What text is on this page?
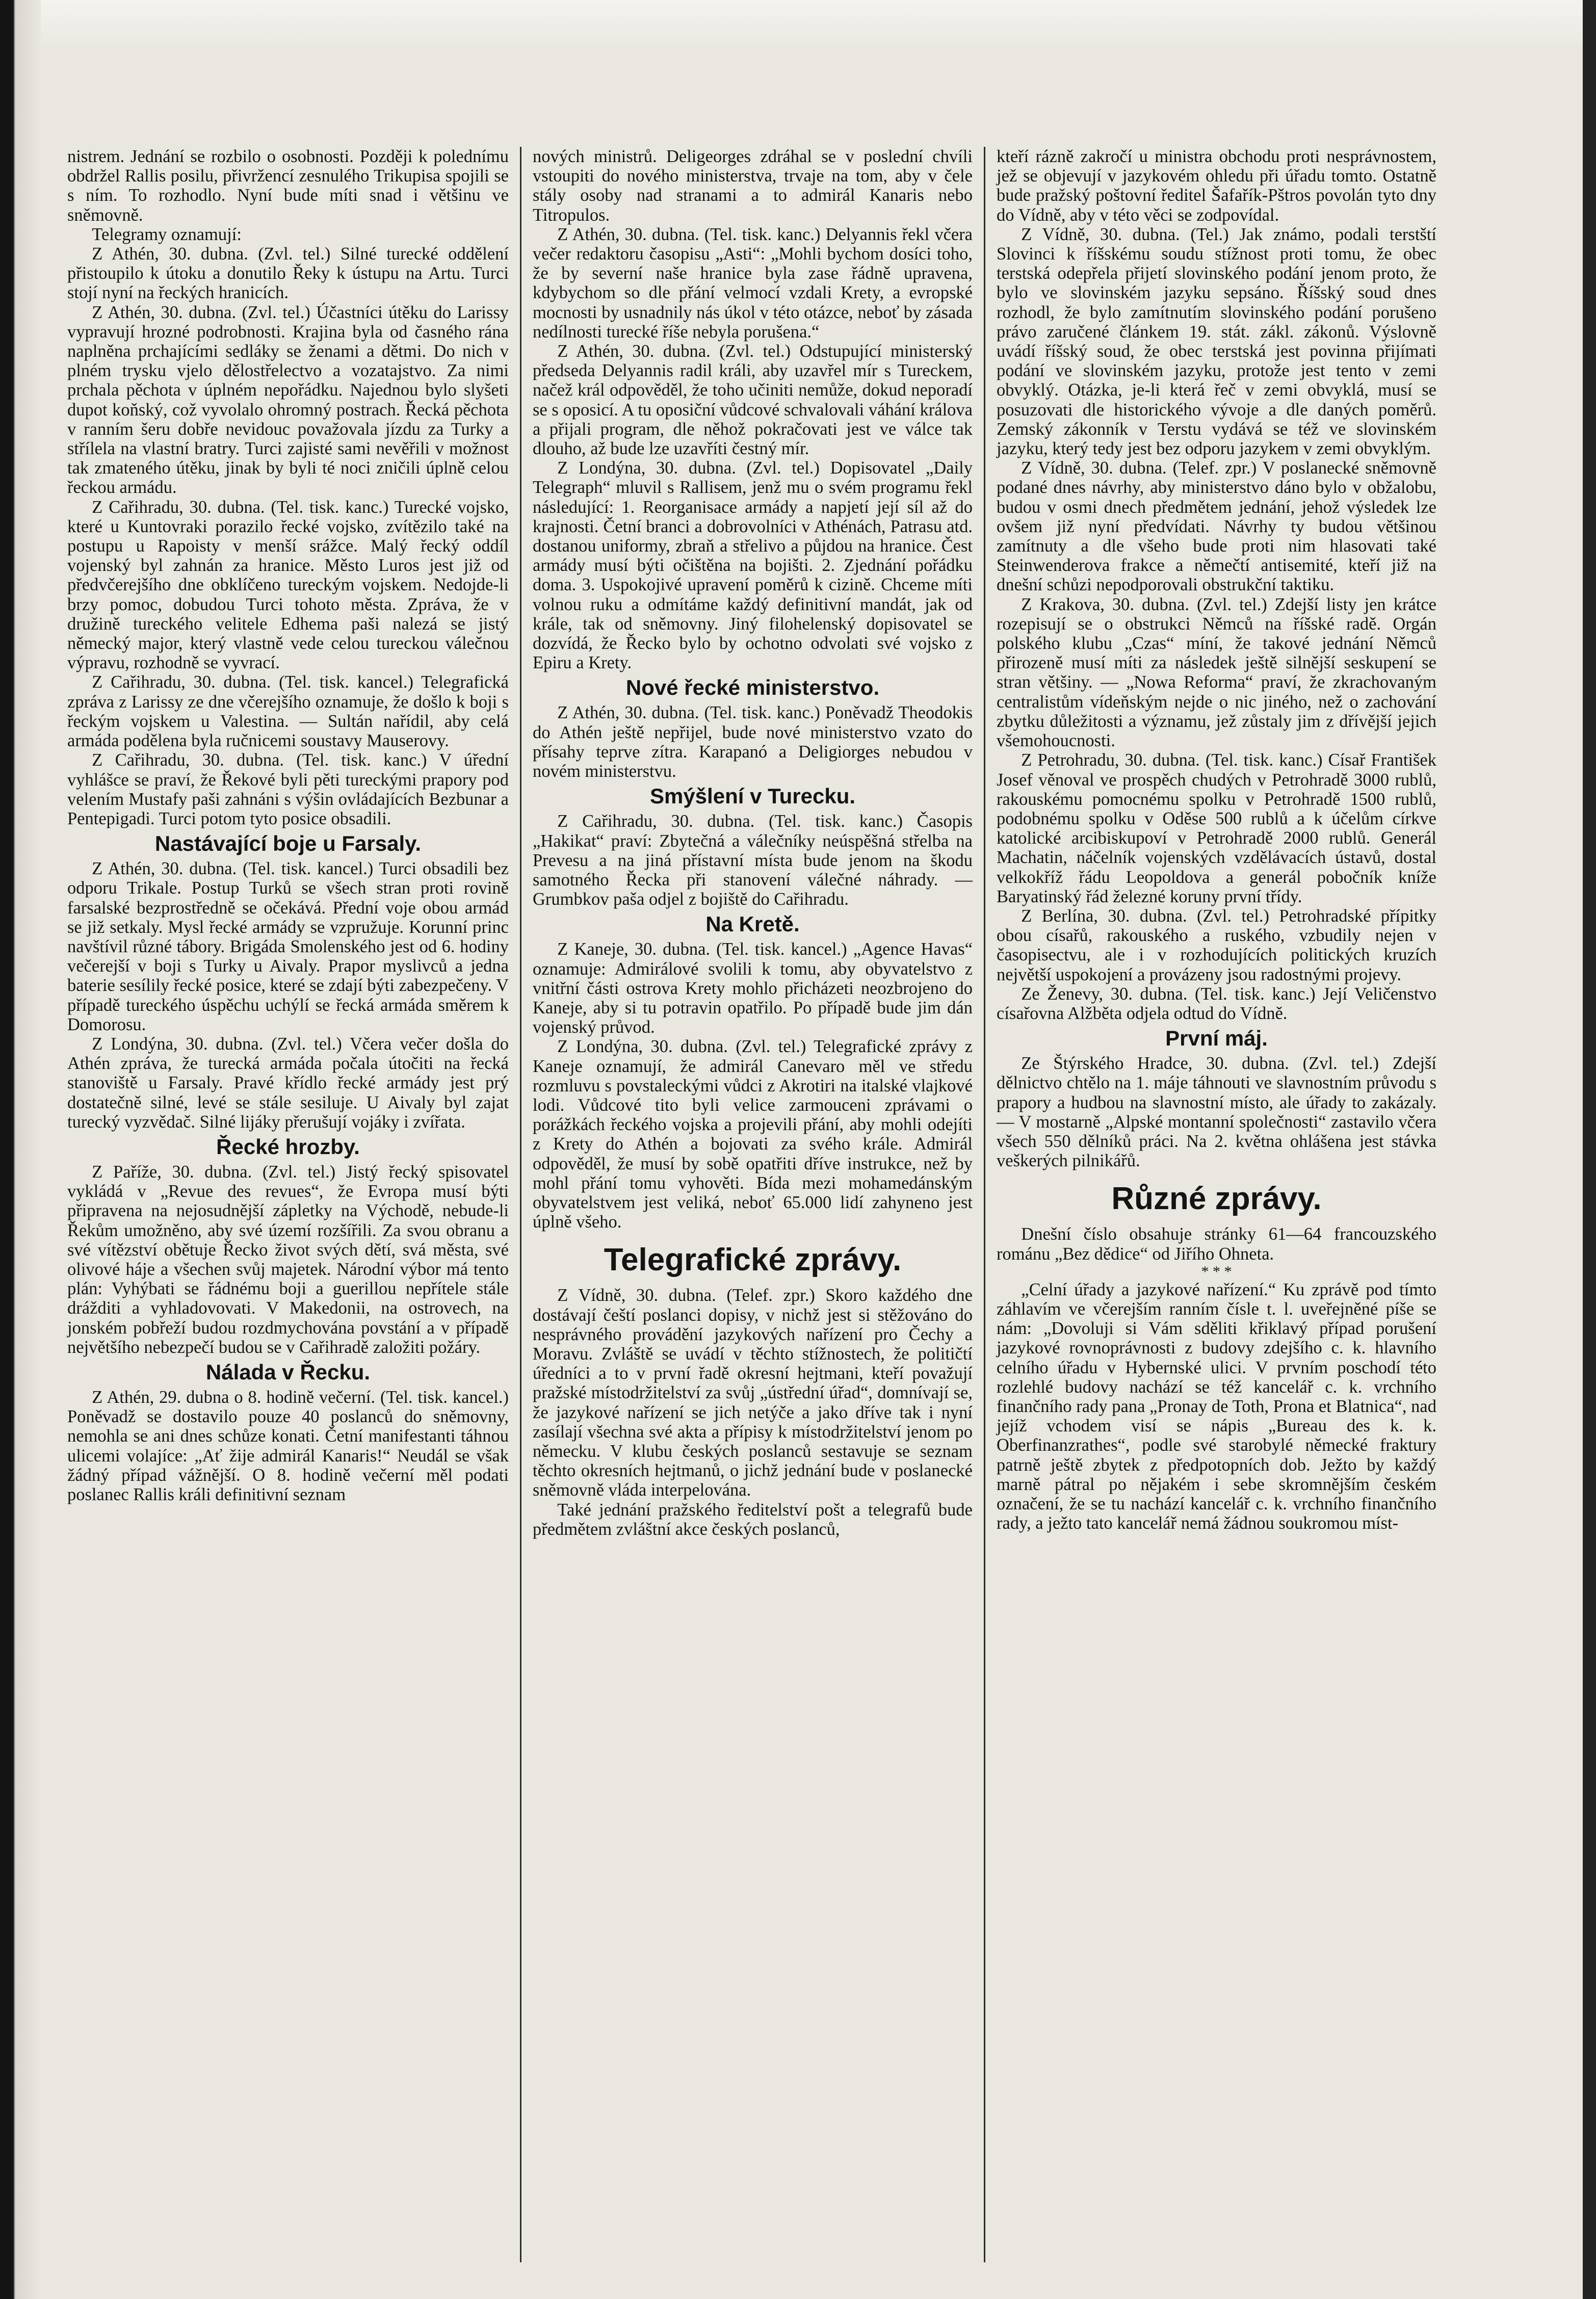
nistrem. Jednání se rozbilo o osobnosti. Později k polednímu obdržel Rallis posilu, přivržencí zesnulého Trikupisa spojili se s ním. To rozhodlo. Nyní bude míti snad i většinu ve sněmovně.

Telegramy oznamují:

Z Athén, 30. dubna. (Zvl. tel.) Silné turecké oddělení přistoupilo k útoku a donutilo Řeky k ústupu na Artu. Turci stojí nyní na řeckých hranicích.

Z Athén, 30. dubna. (Zvl. tel.) Účastníci útěku do Larissy vypravují hrozné podrobnosti. Krajina byla od časného rána naplněna prchajícími sedláky se ženami a dětmi. Do nich v plném trysku vjelo dělostřelectvo a vozatajstvo. Za nimi prchala pěchota v úplném nepořádku. Najednou bylo slyšeti dupot koňský, což vyvolalo ohromný postrach. Řecká pěchota v ranním šeru dobře nevidouc považovala jízdu za Turky a střílela na vlastní bratry. Turci zajisté sami nevěřili v možnost tak zmateného útěku, jinak by byli té noci zničili úplně celou řeckou armádu.

Z Cařihradu, 30. dubna. (Tel. tisk. kanc.) Turecké vojsko, které u Kuntovraki porazilo řecké vojsko, zvítězilo také na postupu u Rapoisty v menší srážce. Malý řecký oddíl vojenský byl zahnán za hranice. Město Luros jest již od předvčerejšího dne obklíčeno tureckým vojskem. Nedojde-li brzy pomoc, dobudou Turci tohoto města. Zpráva, že v družině tureckého velitele Edhema paši nalezá se jistý německý major, který vlastně vede celou tureckou válečnou výpravu, rozhodně se vyvrací.

Z Cařihradu, 30. dubna. (Tel. tisk. kancel.) Telegrafická zpráva z Larissy ze dne včerejšího oznamuje, že došlo k boji s řeckým vojskem u Valestina. — Sultán nařídil, aby celá armáda podělena byla ručnicemi soustavy Mauserovy.

Z Cařihradu, 30. dubna. (Tel. tisk. kanc.) V úřední vyhlášce se praví, že Řekové byli pěti tureckými prapory pod velením Mustafy paši zahnáni s výšin ovládajících Bezbunar a Pentepigadi. Turci potom tyto posice obsadili.

Nastávající boje u Farsaly.

Z Athén, 30. dubna. (Tel. tisk. kancel.) Turci obsadili bez odporu Trikale. Postup Turků se všech stran proti rovině farsalské bezprostředně se očekává. Přední voje obou armád se již setkaly. Mysl řecké armády se vzpružuje. Korunní princ navštívil různé tábory. Brigáda Smolenského jest od 6. hodiny večerejší v boji s Turky u Aivaly. Prapor myslivců a jedna baterie sesílily řecké posice, které se zdají býti zabezpečeny. V případě tureckého úspěchu uchýlí se řecká armáda směrem k Domorosu.

Z Londýna, 30. dubna. (Zvl. tel.) Včera večer došla do Athén zpráva, že turecká armáda počala útočiti na řecká stanoviště u Farsaly. Pravé křídlo řecké armády jest prý dostatečně silné, levé se stále sesiluje. U Aivaly byl zajat turecký vyzvědač. Silné lijáky přerušují vojáky i zvířata.

Řecké hrozby.

Z Paříže, 30. dubna. (Zvl. tel.) Jistý řecký spisovatel vykládá v „Revue des revues“, že Evropa musí býti připravena na nejosudnější zápletky na Východě, nebude-li Řekům umožněno, aby své území rozšířili. Za svou obranu a své vítězství obětuje Řecko život svých dětí, svá města, své olivové háje a všechen svůj majetek. Národní výbor má tento plán: Vyhýbati se řádnému boji a guerillou nepřítele stále drážditi a vyhladovovati. V Makedonii, na ostrovech, na jonském pobřeží budou rozdmychována povstání a v případě největšího nebezpečí budou se v Cařihradě založiti požáry.

Nálada v Řecku.

Z Athén, 29. dubna o 8. hodině večerní. (Tel. tisk. kancel.) Poněvadž se dostavilo pouze 40 poslanců do sněmovny, nemohla se ani dnes schůze konati. Četní manifestanti táhnou ulicemi volajíce: „Ať žije admirál Kanaris!“ Neudál se však žádný případ vážnější. O 8. hodině večerní měl podati poslanec Rallis králi definitivní seznam

nových ministrů. Deligeorges zdráhal se v poslední chvíli vstoupiti do nového ministerstva, trvaje na tom, aby v čele stály osoby nad stranami a to admirál Kanaris nebo Titropulos.

Z Athén, 30. dubna. (Tel. tisk. kanc.) Delyannis řekl včera večer redaktoru časopisu „Asti“: „Mohli bychom dosíci toho, že by severní naše hranice byla zase řádně upravena, kdybychom so dle přání velmocí vzdali Krety, a evropské mocnosti by usnadnily nás úkol v této otázce, neboť by zásada nedílnosti turecké říše nebyla porušena.“

Z Athén, 30. dubna. (Zvl. tel.) Odstupující ministerský předseda Delyannis radil králi, aby uzavřel mír s Tureckem, načež král odpověděl, že toho učiniti nemůže, dokud neporadí se s oposicí. A tu oposiční vůdcové schvalovali váhání králova a přijali program, dle něhož pokračovati jest ve válce tak dlouho, až bude lze uzavříti čestný mír.

Z Londýna, 30. dubna. (Zvl. tel.) Dopisovatel „Daily Telegraph“ mluvil s Rallisem, jenž mu o svém programu řekl následující: 1. Reorganisace armády a napjetí její síl až do krajnosti. Četní branci a dobrovolníci v Athénách, Patrasu atd. dostanou uniformy, zbraň a střelivo a půjdou na hranice. Čest armády musí býti očištěna na bojišti. 2. Zjednání pořádku doma. 3. Uspokojivé upravení poměrů k cizině. Chceme míti volnou ruku a odmítáme každý definitivní mandát, jak od krále, tak od sněmovny. Jiný filohelenský dopisovatel se dozvídá, že Řecko bylo by ochotno odvolati své vojsko z Epiru a Krety.

Nové řecké ministerstvo.

Z Athén, 30. dubna. (Tel. tisk. kanc.) Poněvadž Theodokis do Athén ještě nepřijel, bude nové ministerstvo vzato do přísahy teprve zítra. Karapanó a Deligiorges nebudou v novém ministerstvu.

Smýšlení v Turecku.

Z Cařihradu, 30. dubna. (Tel. tisk. kanc.) Časopis „Hakikat“ praví: Zbytečná a válečníky neúspěšná střelba na Prevesu a na jiná přístavní místa bude jenom na škodu samotného Řecka při stanovení válečné náhrady. — Grumbkov paša odjel z bojiště do Cařihradu.

Na Kretě.

Z Kaneje, 30. dubna. (Tel. tisk. kancel.) „Agence Havas“ oznamuje: Admirálové svolili k tomu, aby obyvatelstvo z vnitřní části ostrova Krety mohlo přicházeti neozbrojeno do Kaneje, aby si tu potravin opatřilo. Po případě bude jim dán vojenský průvod.

Z Londýna, 30. dubna. (Zvl. tel.) Telegrafické zprávy z Kaneje oznamují, že admirál Canevaro měl ve středu rozmluvu s povstaleckými vůdci z Akrotiri na italské vlajkové lodi. Vůdcové tito byli velice zarmouceni zprávami o porážkách řeckého vojska a projevili přání, aby mohli odejíti z Krety do Athén a bojovati za svého krále. Admirál odpověděl, že musí by sobě opatřiti dříve instrukce, než by mohl přání tomu vyhověti. Bída mezi mohamedánským obyvatelstvem jest veliká, neboť 65.000 lidí zahyneno jest úplně všeho.

Telegrafické zprávy.

Z Vídně, 30. dubna. (Telef. zpr.) Skoro každého dne dostávají čeští poslanci dopisy, v nichž jest si stěžováno do nesprávného provádění jazykových nařízení pro Čechy a Moravu. Zvláště se uvádí v těchto stížnostech, že političtí úředníci a to v první řadě okresní hejtmani, kteří považují pražské místodržitelství za svůj „ústřední úřad“, domnívají se, že jazykové nařízení se jich netýče a jako dříve tak i nyní zasílají všechna své akta a přípisy k místodržitelství jenom po německu. V klubu českých poslanců sestavuje se seznam těchto okresních hejtmanů, o jichž jednání bude v poslanecké sněmovně vláda interpelována.

Také jednání pražského ředitelství pošt a telegrafů bude předmětem zvláštní akce českých poslanců,

kteří rázně zakročí u ministra obchodu proti nesprávnostem, jež se objevují v jazykovém ohledu při úřadu tomto. Ostatně bude pražský poštovní ředitel Šafařík-Pštros povolán tyto dny do Vídně, aby v této věci se zodpovídal.

Z Vídně, 30. dubna. (Tel.) Jak známo, podali terstští Slovinci k říšskému soudu stížnost proti tomu, že obec terstská odepřela přijetí slovinského podání jenom proto, že bylo ve slovinském jazyku sepsáno. Říšský soud dnes rozhodl, že bylo zamítnutím slovinského podání porušeno právo zaručené článkem 19. stát. zákl. zákonů. Výslovně uvádí říšský soud, že obec terstská jest povinna přijímati podání ve slovinském jazyku, protože jest tento v zemi obvyklý. Otázka, je-li která řeč v zemi obvyklá, musí se posuzovati dle historického vývoje a dle daných poměrů. Zemský zákonník v Terstu vydává se též ve slovinském jazyku, který tedy jest bez odporu jazykem v zemi obvyklým.

Z Vídně, 30. dubna. (Telef. zpr.) V poslanecké sněmovně podané dnes návrhy, aby ministerstvo dáno bylo v obžalobu, budou v osmi dnech předmětem jednání, jehož výsledek lze ovšem již nyní předvídati. Návrhy ty budou většinou zamítnuty a dle všeho bude proti nim hlasovati také Steinwenderova frakce a němečtí antisemité, kteří již na dnešní schůzi nepodporovali obstrukční taktiku.

Z Krakova, 30. dubna. (Zvl. tel.) Zdejší listy jen krátce rozepisují se o obstrukci Němců na říšské radě. Orgán polského klubu „Czas“ míní, že takové jednání Němců přirozeně musí míti za následek ještě silnější seskupení se stran většiny. — „Nowa Reforma“ praví, že zkrachovaným centralistům vídeňským nejde o nic jiného, než o zachování zbytku důležitosti a významu, jež zůstaly jim z dřívější jejich všemohoucnosti.

Z Petrohradu, 30. dubna. (Tel. tisk. kanc.) Císař František Josef věnoval ve prospěch chudých v Petrohradě 3000 rublů, rakouskému pomocnému spolku v Petrohradě 1500 rublů, podobnému spolku v Oděse 500 rublů a k účelům církve katolické arcibiskupoví v Petrohradě 2000 rublů. Generál Machatin, náčelník vojenských vzdělávacích ústavů, dostal velkokříž řádu Leopoldova a generál pobočník kníže Baryatinský řád železné koruny první třídy.

Z Berlína, 30. dubna. (Zvl. tel.) Petrohradské přípitky obou císařů, rakouského a ruského, vzbudily nejen v časopisectvu, ale i v rozhodujících politických kruzích největší uspokojení a provázeny jsou radostnými projevy.

Ze Ženevy, 30. dubna. (Tel. tisk. kanc.) Její Veličenstvo císařovna Alžběta odjela odtud do Vídně.

První máj.

Ze Štýrského Hradce, 30. dubna. (Zvl. tel.) Zdejší dělnictvo chtělo na 1. máje táhnouti ve slavnostním průvodu s prapory a hudbou na slavnostní místo, ale úřady to zakázaly. — V mostarně „Alpské montanní společnosti“ zastavilo včera všech 550 dělníků práci. Na 2. května ohlášena jest stávka veškerých pilnikářů.

Různé zprávy.

Dnešní číslo obsahuje stránky 61—64 francouzského románu „Bez dědice“ od Jiřího Ohneta.

* * *

„Celní úřady a jazykové nařízení.“ Ku zprávě pod tímto záhlavím ve včerejším ranním čísle t. l. uveřejněné píše se nám: „Dovoluji si Vám sděliti křiklavý případ porušení jazykové rovnoprávnosti z budovy zdejšího c. k. hlavního celního úřadu v Hybernské ulici. V prvním poschodí této rozlehlé budovy nachází se též kancelář c. k. vrchního finančního rady pana „Pronay de Toth, Prona et Blatnica“, nad jejíž vchodem visí se nápis „Bureau des k. k. Oberfinanzrathes“, podle své starobylé německé fraktury patrně ještě zbytek z předpotopních dob. Ježto by každý marně pátral po nějakém i sebe skromnějším českém označení, že se tu nachází kancelář c. k. vrchního finančního rady, a ježto tato kancelář nemá žádnou soukromou míst-
